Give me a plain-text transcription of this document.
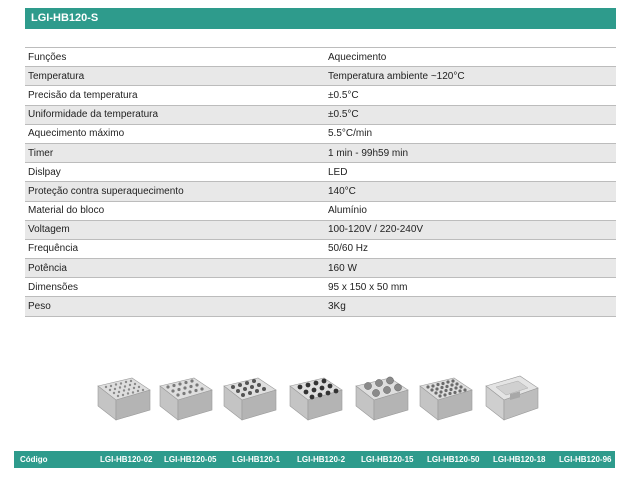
LGI-HB120-S
Funções	Aquecimento
Temperatura	Temperatura ambiente ~120°C
Precisão da temperatura	±0.5°C
Uniformidade da temperatura	±0.5°C
Aquecimento máximo	5.5°C/min
Timer	1 min - 99h59 min
Dislpay	LED
Proteção contra superaquecimento	140°C
Material do bloco	Alumínio
Voltagem	100-120V / 220-240V
Frequência	50/60 Hz
Potência	160 W
Dimensões	95 x 150 x 50 mm
Peso	3Kg
Código	LGI-HB120-02 LGI-HB120-05 LGI-HB120-1 LGI-HB120-2 LGI-HB120-15 LGI-HB120-50 LGI-HB120-18 LGI-HB120-96
